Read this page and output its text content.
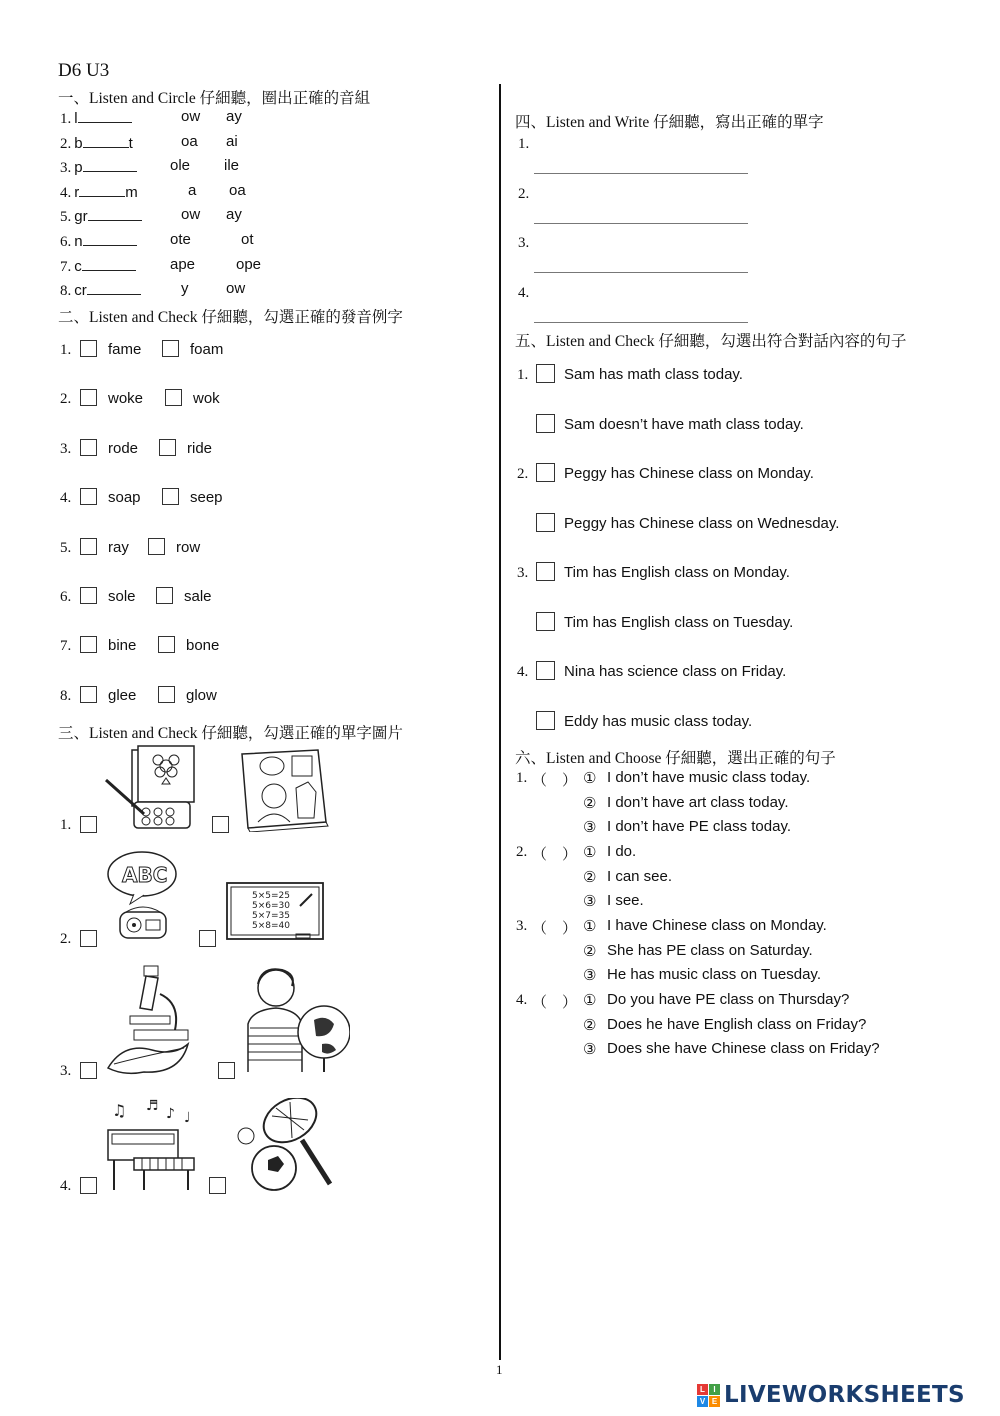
D6 U3
一、Listen and Circle 仔細聽，圈出正確的音組
1. l	ow ay
2. b	t	oa ai
3. p	ole ile
4. r	m	a oa
5. gr	ow ay
6. n	ote	ot
7. c	ape	ope
8. cr	y	ow
二、Listen and Check 仔細聽，勾選正確的發音例字
1. fame	foam
2. woke	wok
3. rode	ride
4. soap	seep
5. ray	row
6. sole	sale
7. bine	bone
8. glee	glow
三、Listen and Check 仔細聽，勾選正確的單字圖片
1.
2.
3.
4.
ABC
5×5=25
5×6=30
5×7=35
5×8=40
♫ ♬ ♪ ♩
四、Listen and Write 仔細聽，寫出正確的單字
1.
2.
3.
4.
五、Listen and Check 仔細聽，勾選出符合對話內容的句子
1. Sam has math class today.
Sam doesn’t have math class today.
2. Peggy has Chinese class on Monday.
Peggy has Chinese class on Wednesday.
3. Tim has English class on Monday.
Tim has English class on Tuesday.
4. Nina has science class on Friday.
Eddy has music class today.
六、Listen and Choose 仔細聽，選出正確的句子
1. （　） ① I don’t have music class today.
② I don’t have art class today.
③ I don’t have PE class today.
2. （　） ① I do.
② I can see.
③ I see.
3. （　） ① I have Chinese class on Monday.
② She has PE class on Saturday.
③ He has music class on Tuesday.
4. （　） ① Do you have PE class on Thursday?
② Does he have English class on Friday?
③ Does she have Chinese class on Friday?
1
L	I
V E LIVEWORKSHEETS
